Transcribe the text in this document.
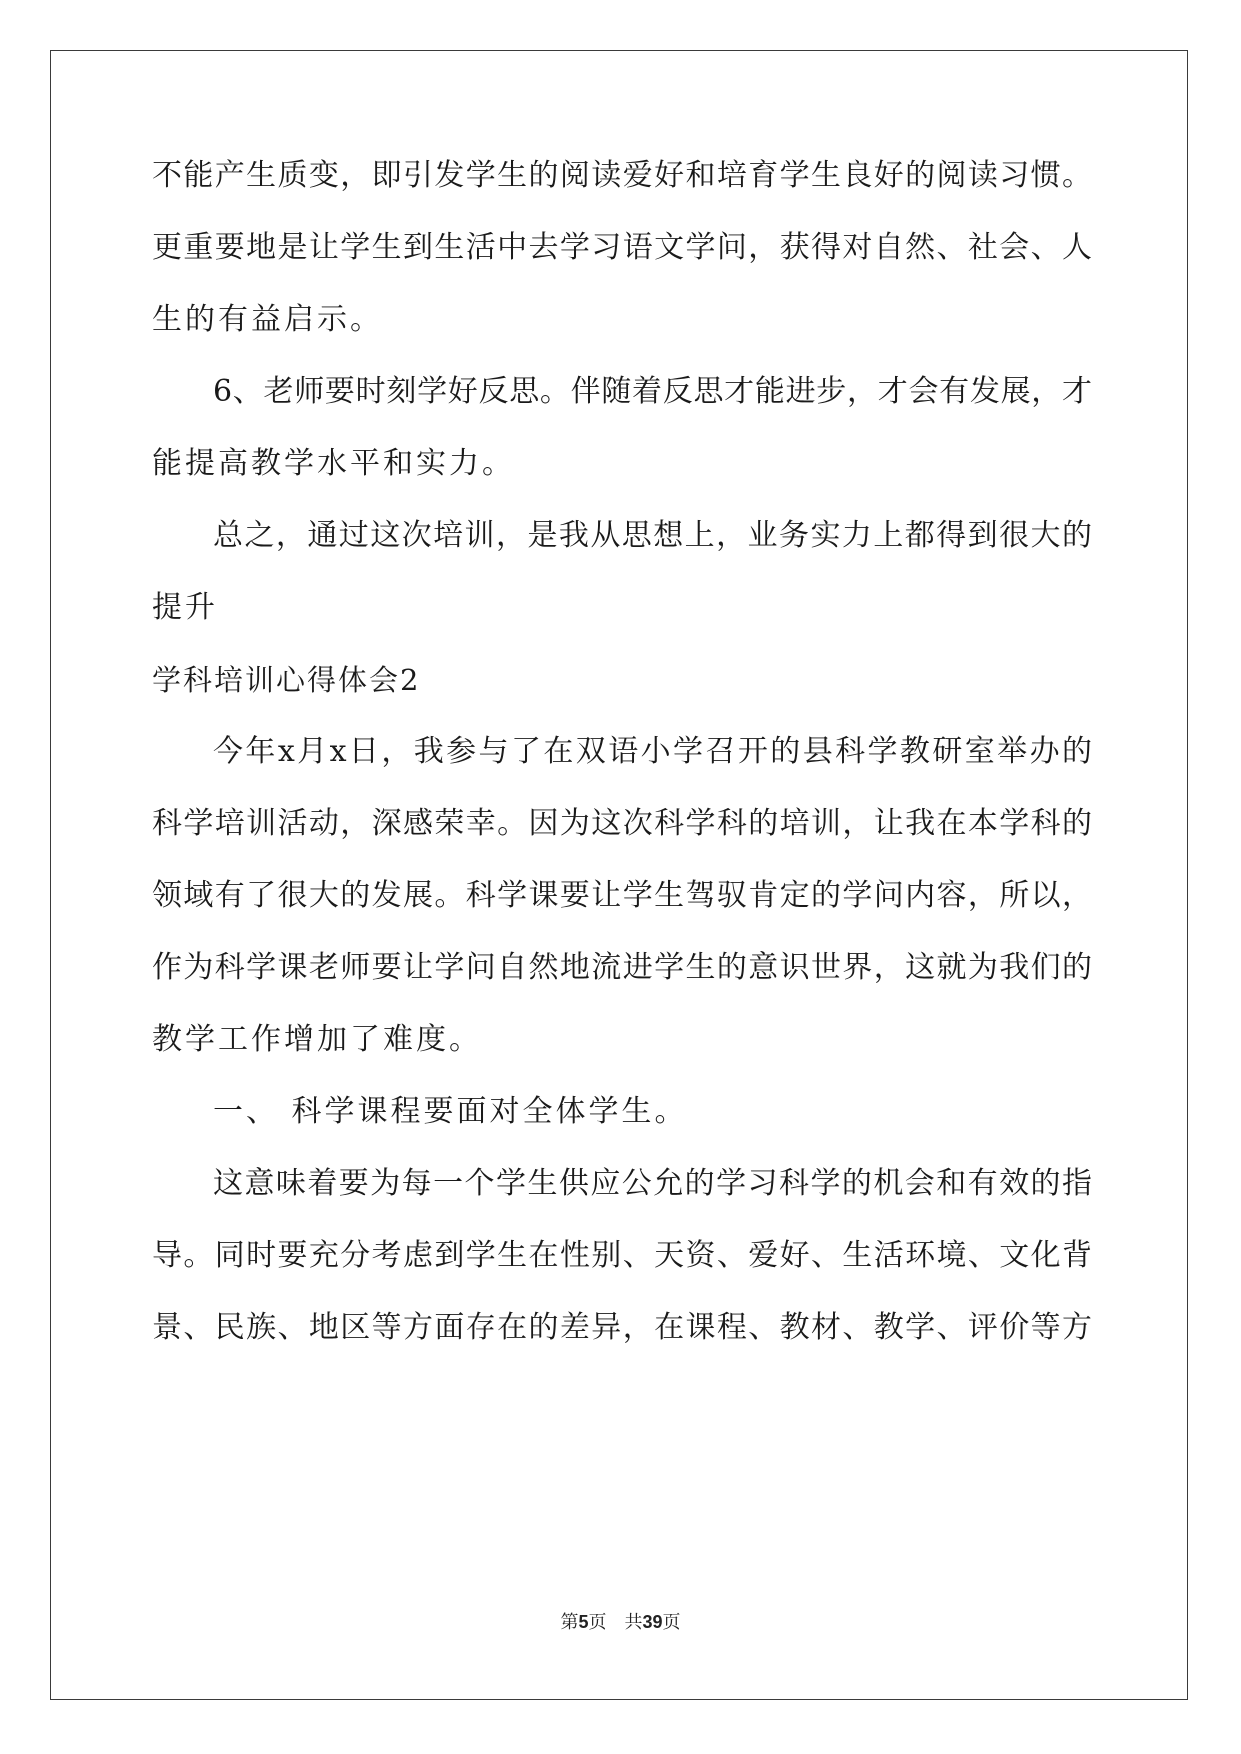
不能产生质变，即引发学生的阅读爱好和培育学生良好的阅读习惯。
更重要地是让学生到生活中去学习语文学问，获得对自然、社会、人
生的有益启示。
6、老师要时刻学好反思。伴随着反思才能进步，才会有发展，才
能提高教学水平和实力。
总之，通过这次培训，是我从思想上，业务实力上都得到很大的
提升
学科培训心得体会2
今年x月x日，我参与了在双语小学召开的县科学教研室举办的
科学培训活动，深感荣幸。因为这次科学科的培训，让我在本学科的
领域有了很大的发展。科学课要让学生驾驭肯定的学问内容，所以，
作为科学课老师要让学问自然地流进学生的意识世界，这就为我们的
教学工作增加了难度。
一、 科学课程要面对全体学生。
这意味着要为每一个学生供应公允的学习科学的机会和有效的指
导。同时要充分考虑到学生在性别、天资、爱好、生活环境、文化背
景、民族、地区等方面存在的差异，在课程、教材、教学、评价等方
第5页　共39页
